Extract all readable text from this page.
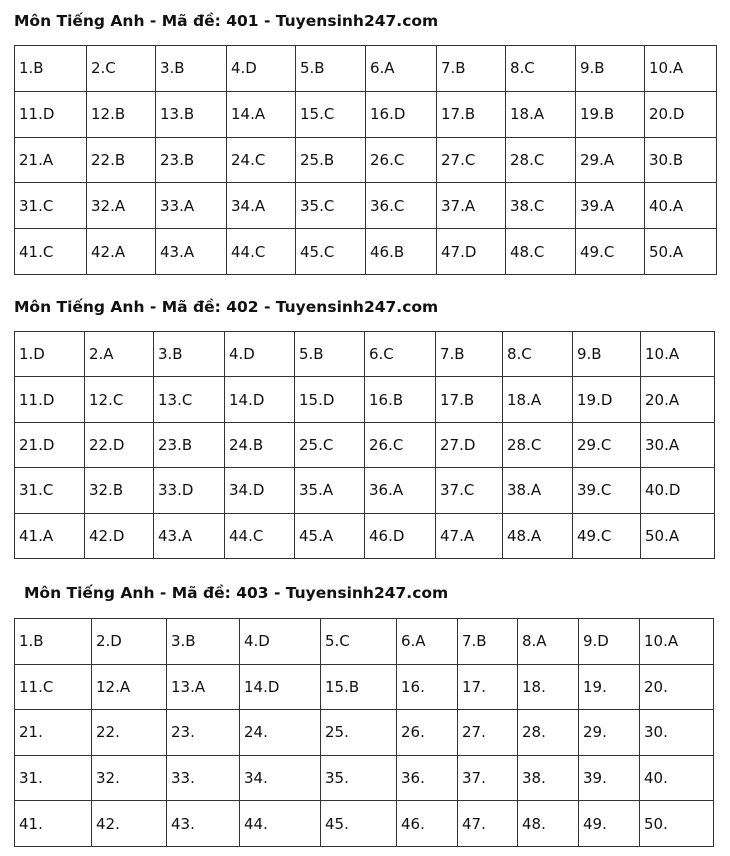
Môn Tiếng Anh - Mã đề: 401 - Tuyensinh247.com
1.B	2.C	3.B	4.D	5.B	6.A	7.B	8.C	9.B	10.A
11.D	12.B	13.B	14.A	15.C	16.D	17.B	18.A	19.B	20.D
21.A	22.B	23.B	24.C	25.B	26.C	27.C	28.C	29.A	30.B
31.C	32.A	33.A	34.A	35.C	36.C	37.A	38.C	39.A	40.A
41.C	42.A	43.A	44.C	45.C	46.B	47.D	48.C	49.C	50.A
Môn Tiếng Anh - Mã đề: 402 - Tuyensinh247.com
1.D	2.A	3.B	4.D	5.B	6.C	7.B	8.C	9.B	10.A
11.D	12.C	13.C	14.D	15.D	16.B	17.B	18.A	19.D	20.A
21.D	22.D	23.B	24.B	25.C	26.C	27.D	28.C	29.C	30.A
31.C	32.B	33.D	34.D	35.A	36.A	37.C	38.A	39.C	40.D
41.A	42.D	43.A	44.C	45.A	46.D	47.A	48.A	49.C	50.A
Môn Tiếng Anh - Mã đề: 403 - Tuyensinh247.com
1.B	2.D	3.B	4.D	5.C	6.A	7.B	8.A	9.D	10.A
11.C	12.A	13.A	14.D	15.B	16.	17.	18.	19.	20.
21.	22.	23.	24.	25.	26.	27.	28.	29.	30.
31.	32.	33.	34.	35.	36.	37.	38.	39.	40.
41.	42.	43.	44.	45.	46.	47.	48.	49.	50.
